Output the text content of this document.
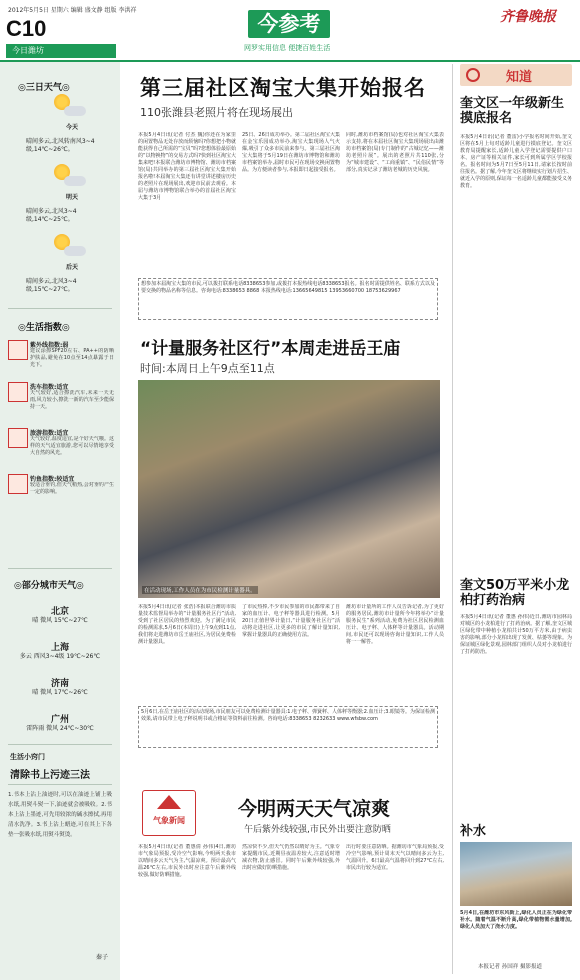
2012年5月5日 星期六 编辑 盛文静 组版 李洪祥
C10
今日潍坊
今参考
网罗实用信息 便捷百姓生活
齐鲁晚报
◎三日天气◎
今天
晴间多云,北风转南风3~4级,14℃~26℃。
明天
晴间多云,北风3~4级,14℃~25℃。
后天
晴间多云,北风3~4级,15℃~27℃。
◎生活指数◎
紫外线指数:弱
建议涂擦SPF20左右、PA++的防晒护肤品,避免在10点至14点暴露于日光下。
洗车指数:适宜
天气较好,适合擦洗汽车,未来一天无雨,风力较小,擦洗一新的汽车至少能保持一天。
旅游指数:适宜
天气较好,温度适宜,是个好天气哦。这样的天气适宜旅游,您可以尽情地享受大自然的风光。
钓鱼指数:较适宜
较适合垂钓,但天气稍热,会对垂钓产生一定的影响。
◎部分城市天气◎
北京
晴 微风 15℃~27℃
上海
多云 西风3~4级 19℃~26℃
济南
晴 微风 17℃~26℃
广州
雷阵雨 微风 24℃~30℃
生活小窍门
清除书上污迹三法
1.书本上沾上油迹时,可以在油迹上铺上吸水纸,用熨斗熨一下,油迹就会被吸收。2.书本上沾上墨迹,可先用较浓的碱水擦拭,再用清水洗净。3.书上沾上蜡迹,可在其上下各垫一张吸水纸,用熨斗熨烫。
秦子
第三届社区淘宝大集开始报名
110张潍县老照片将在现场展出
本报5月4日讯(记者 付杰 魏)你还在为家里的闲置物品无处存放而烦恼吗?你想把小物就能获得自己所需的“宝贝”吗?您想体验最原始的“以物换物”的交易方式吗?快到社区淘宝大集来吧!本报联合潍坊市博物馆、潍坊市档案馆(局)共同举办的第三届社区淘宝大集开始报名啦!本届淘宝大集还有讲堂讲述楼房历史的老照片在现场展出,欢迎市民前去观看。本届与潍坊市博物馆联合举办的首届社区淘宝大集于3月
25日、26日成功举办。第二届社区淘宝大集在金宝乐园成功举办,淘宝大集现场人气火爆,吸引了众多市民前来参与。第三届社区淘宝大集将于5月19日在潍坊市博物馆和潍坊市档案馆举办,届时市民可在现场交换闲置物品。为方便读者参与,本报即日起接受报名。
同时,潍坊市档案馆(局)也对社区淘宝大集表示支持,将在本届社区淘宝大集现场展出由潍坊市档案馆(局)专门制作的“古城记忆——潍坊老照片展”。展出的老照片共110张,分为“城市建设”、“工商重镇”、“民俗民情”等部分,真实记录了潍坊老城的历史风貌。
想参加本届淘宝大集的市民,可以拨打联系电话8338653参加,或拨打本报热线电话8338653报名。报名时需提供姓名、联系方式以及要交换的物品名称等信息。咨询电话:8338653 8868 本报热线电话:13665649815 13953660700 18753629967
“计量服务社区行”本周走进岳王庙
时间:本周日上午9点至11点
在活动现场,工作人员在为市民检测计量器具。
本报5月4日讯(记者 张浩)本报联合潍坊市质量技术监督局举办的“计量服务社区行”活动,受到了社区居民的热烈欢迎。为了满足市民的检测需求,5月6日(本周日)上午9点到11点,我们将走进潍坊市岳王庙社区,为居民免费检测计量器具。
了市民热捧,不少市民参加的市民都带来了自家的血压计、电子秤等器具进行检测。5月20日正值世界计量日,“计量服务社区行”活动将走进社区,让更多的市民了解计量知识,掌握计量器具的正确使用方法。
潍坊市计量所的工作人员告诉记者,为了更好的服务居民,潍坊市计量所今年将举办“计量服务民生”系列活动,免费为社区居民检测血压计、电子秤、人体秤等计量器具。活动期间,市民还可以现场咨询计量知识,工作人员将一一解答。
5月6日,在岳王庙社区的活动现场,市民朋友可以免费检测计量器具:1.电子秤、弹簧秤、人体秤等衡器;2.血压计;3.眼镜等。为保证检测效果,请市民带上电子秤说明书或合格证等资料前往检测。咨询电话:8338653 8232633 www.wfsbw.com
气象新闻
今明两天天气凉爽
午后紫外线较强,市民外出要注意防晒
本报5月4日讯(记者 董惠倩 孙伟)4日,潍坊市气象局预报,受冷空气影响,今明两天我市以晴间多云天气为主,气温凉爽。预计最高气温26℃左右,市民外出时应注意午后紫外线较强,做好防晒措施。
然凉快不少,但天气仍然以晴好为主。气象专家提醒市民,近期昼夜温差较大,注意适时增减衣物,防止感冒。同时午后紫外线较强,外出时应做好防晒措施。
出行时要注意防晒。据潍坊市气象局预报,受冷空气影响,预计周末天气以晴间多云为主,气温回升。6日最高气温将回升到27℃左右,市民出行较为适宜。
知道
奎文区一年级新生摸底报名
本报5月4日讯(记者 董雷)小学报名时间开始,奎文区将在5月上旬对适龄儿童进行摸底登记。奎文区教育局提醒家长,适龄儿童入学登记需要提供户口本、房产证等相关证件,家长可到所属学区学校报名。报名时间为5月7日至5月11日,请家长按时前往报名。据了解,今年奎文区将继续实行划片招生、就近入学的原则,保证每一名适龄儿童都能接受义务教育。
奎文50万平米小龙柏打药治病
本报5月4日讯(记者 董惠 孙伟)近日,潍坊市园林局对城区的小龙柏进行了打药治病。据了解,奎文区城区绿化带中种植小龙柏共计50万平方米,由于病虫害的影响,部分小龙柏出现了发黄、枯萎等现象。为保证城区绿化景观,园林部门组织人员对小龙柏进行了打药防治。
补水
5月4日,在潍坊市东风街上,绿化人员正在为绿化带补水。随着气温不断升高,绿化带植物需水量增加,绿化人员加大了浇水力度。
本报记者 孙国祥 摄影报道
